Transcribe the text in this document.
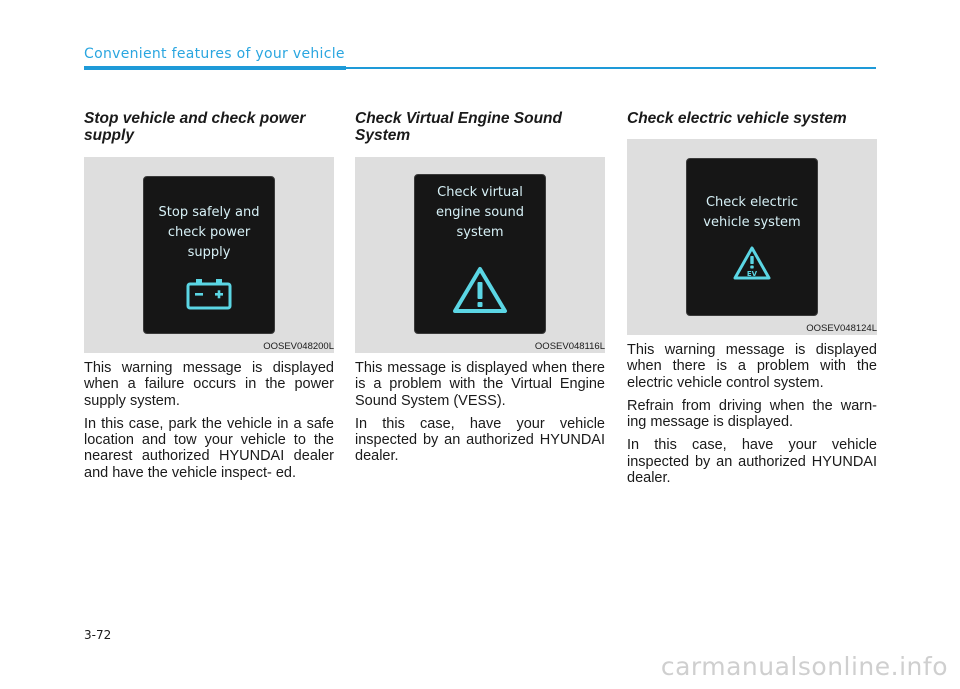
Convenient features of your vehicle
Stop vehicle and check power supply
Stop safely and
check power
supply
OOSEV048200L

This warning message is displayed when a failure occurs in the power supply system.

In this case, park the vehicle in a safe location and tow your vehicle to the nearest authorized HYUNDAI dealer and have the vehicle inspect- ed.

Check Virtual Engine Sound System
Check virtual
engine sound
system
OOSEV048116L

This message is displayed when there is a problem with the Virtual Engine Sound System (VESS).

In this case, have your vehicle inspected by an authorized HYUNDAI dealer.

Check electric vehicle system
Check electric
vehicle system
EV
OOSEV048124L

This warning message is displayed when there is a problem with the electric vehicle control system.

Refrain from driving when the warn- ing message is displayed.

In this case, have your vehicle inspected by an authorized HYUNDAI dealer.

3-72
carmanualsonline.info
